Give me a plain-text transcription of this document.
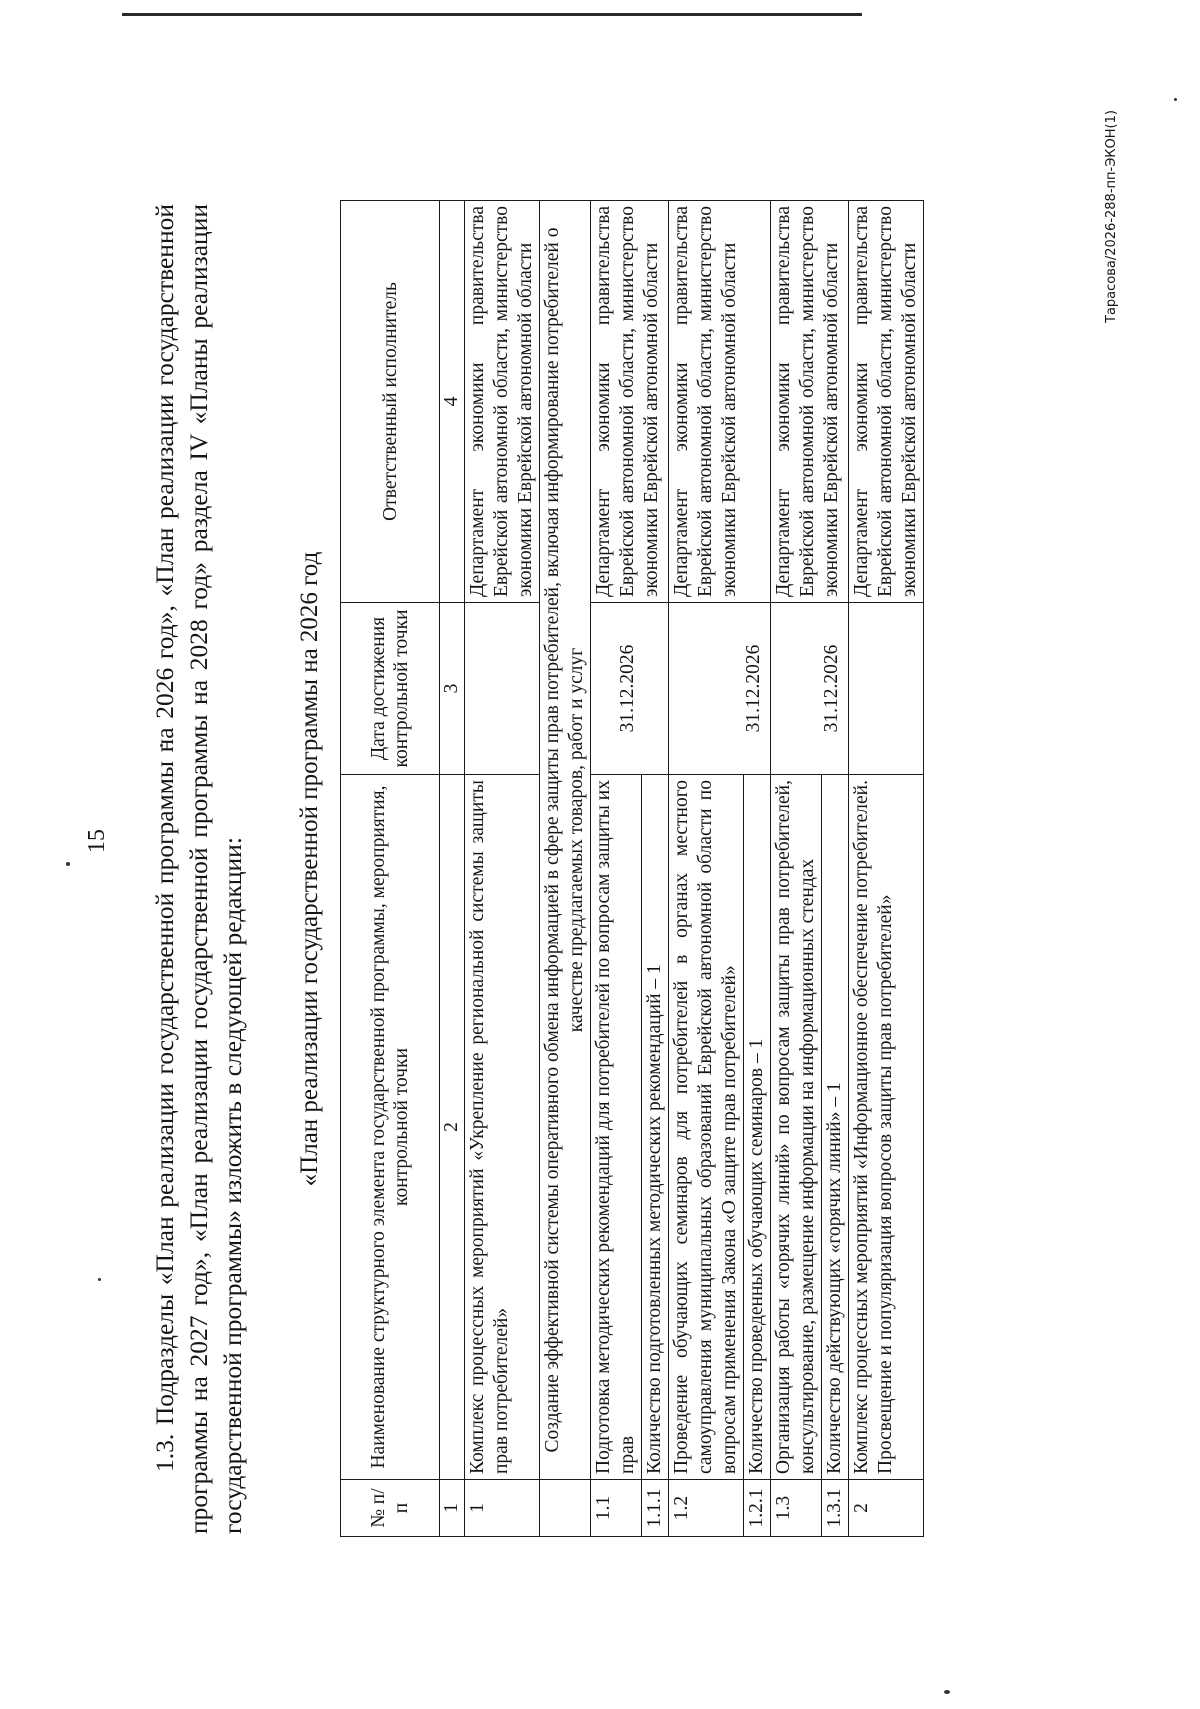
15 1.3. Подразделы «План реализации государственной программы на 2026 год», «План реализации государственной программы на 2027 год», «План реализации государственной программы на 2028 год» раздела IV «Планы реализации государственной программы» изложить в следующей редакции: «План реализации государственной программы на 2026 год
№ п/п	Наименование структурного элемента государственной программы, мероприятия, контрольной точки	Дата достижения контрольной точки	Ответственный исполнитель
1	2	3	4
1	Комплекс процессных мероприятий «Укрепление региональной системы защиты прав потребителей»		Департамент экономики правительства Еврейской автономной области, министерство экономики Еврейской автономной области
	Создание эффективной системы оперативного обмена информацией в сфере защиты прав потребителей, включая информирование потребителей о качестве предлагаемых товаров, работ и услуг		
1.1	Подготовка методических рекомендаций для потребителей по вопросам защиты их прав	31.12.2026	Департамент экономики правительства Еврейской автономной области, министерство экономики Еврейской автономной области
1.1.1	Количество подготовленных методических рекомендаций – 1		
1.2	Проведение обучающих семинаров для потребителей в органах местного самоуправления муниципальных образований Еврейской автономной области по вопросам применения Закона «О защите прав потребителей»	31.12.2026	Департамент экономики правительства Еврейской автономной области, министерство экономики Еврейской автономной области
1.2.1	Количество проведенных обучающих семинаров – 1		
1.3	Организация работы «горячих линий» по вопросам защиты прав потребителей, консультирование, размещение информации на информационных стендах	31.12.2026	Департамент экономики правительства Еврейской автономной области, министерство экономики Еврейской автономной области
1.3.1	Количество действующих «горячих линий» – 1		
2	Комплекс процессных мероприятий «Информационное обеспечение потребителей. Просвещение и популяризация вопросов защиты прав потребителей»		Департамент экономики правительства Еврейской автономной области, министерство экономики Еврейской автономной области
Тарасова/2026-288-пп-ЭКОН(1)
